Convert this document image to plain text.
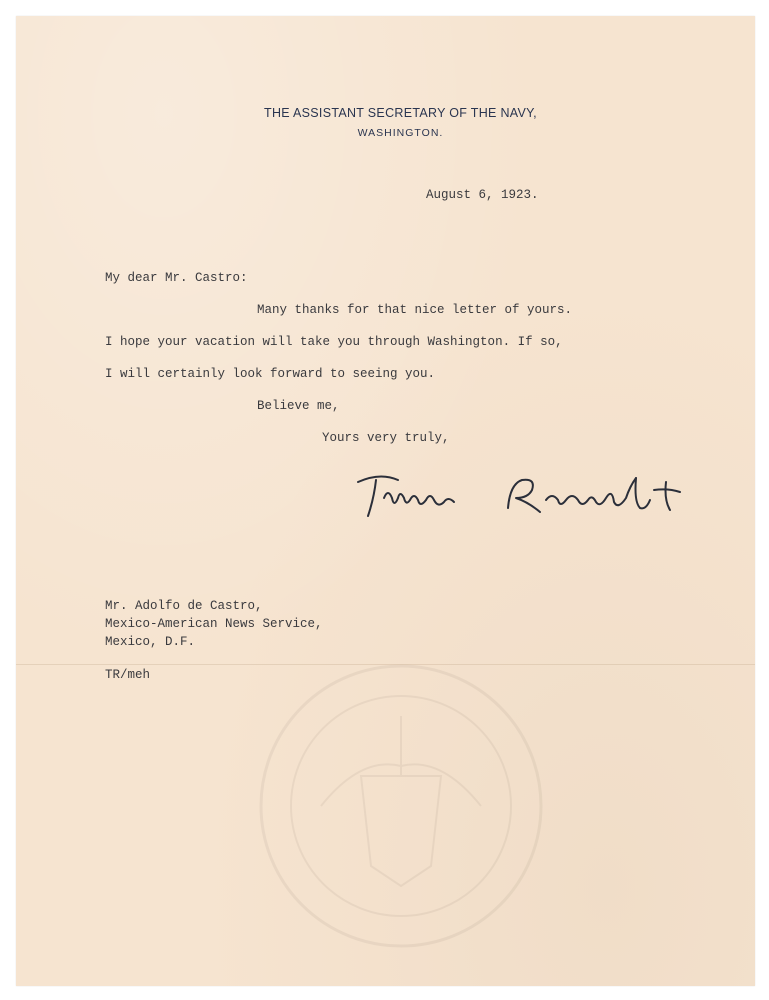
THE ASSISTANT SECRETARY OF THE NAVY,
WASHINGTON.
August 6, 1923.
My dear Mr. Castro:
Many thanks for that nice letter of yours.
I hope your vacation will take you through Washington. If so,
I will certainly look forward to seeing you.
Believe me,
Yours very truly,
Mr. Adolfo de Castro,
Mexico-American News Service,
Mexico, D.F.
TR/meh
